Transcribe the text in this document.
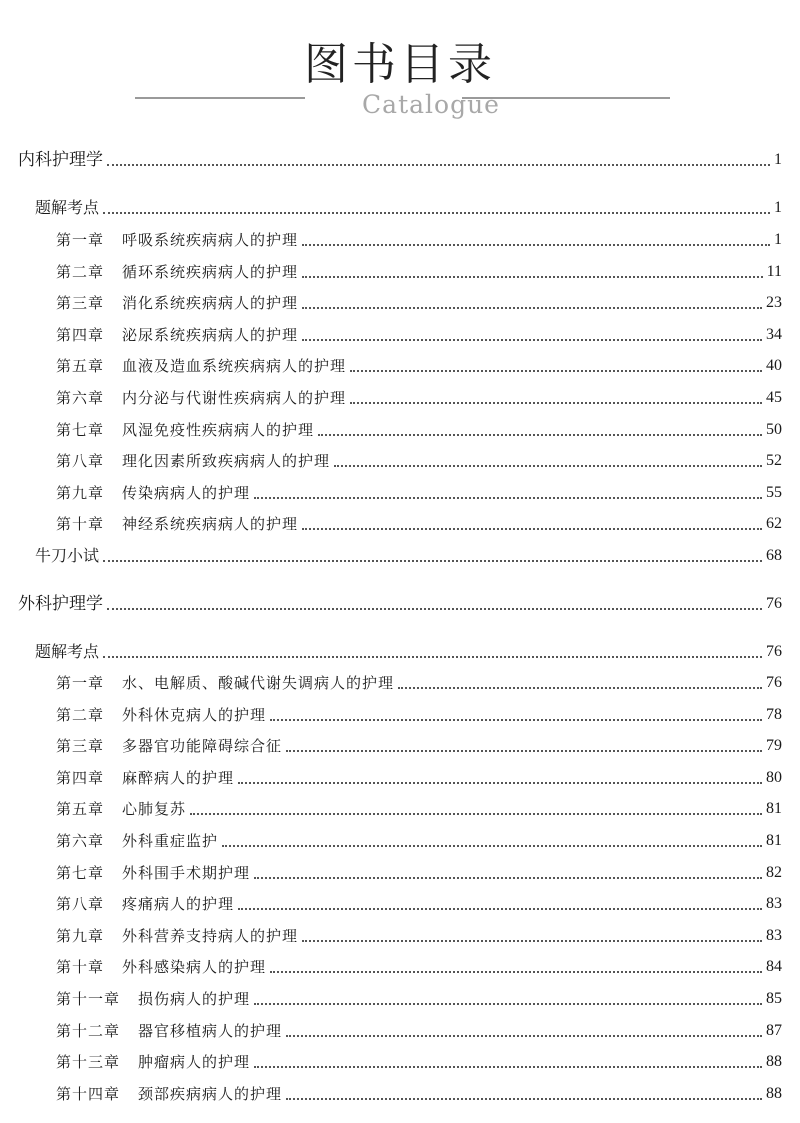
图书目录
Catalogue
内科护理学	1
题解考点	1
第一章 呼吸系统疾病病人的护理	1
第二章 循环系统疾病病人的护理	11
第三章 消化系统疾病病人的护理	23
第四章 泌尿系统疾病病人的护理	34
第五章 血液及造血系统疾病病人的护理	40
第六章 内分泌与代谢性疾病病人的护理	45
第七章 风湿免疫性疾病病人的护理	50
第八章 理化因素所致疾病病人的护理	52
第九章 传染病病人的护理	55
第十章 神经系统疾病病人的护理	62
牛刀小试	68
外科护理学	76
题解考点	76
第一章 水、电解质、酸碱代谢失调病人的护理	76
第二章 外科休克病人的护理	78
第三章 多器官功能障碍综合征	79
第四章 麻醉病人的护理	80
第五章 心肺复苏	81
第六章 外科重症监护	81
第七章 外科围手术期护理	82
第八章 疼痛病人的护理	83
第九章 外科营养支持病人的护理	83
第十章 外科感染病人的护理	84
第十一章 损伤病人的护理	85
第十二章 器官移植病人的护理	87
第十三章 肿瘤病人的护理	88
第十四章 颈部疾病病人的护理	88
